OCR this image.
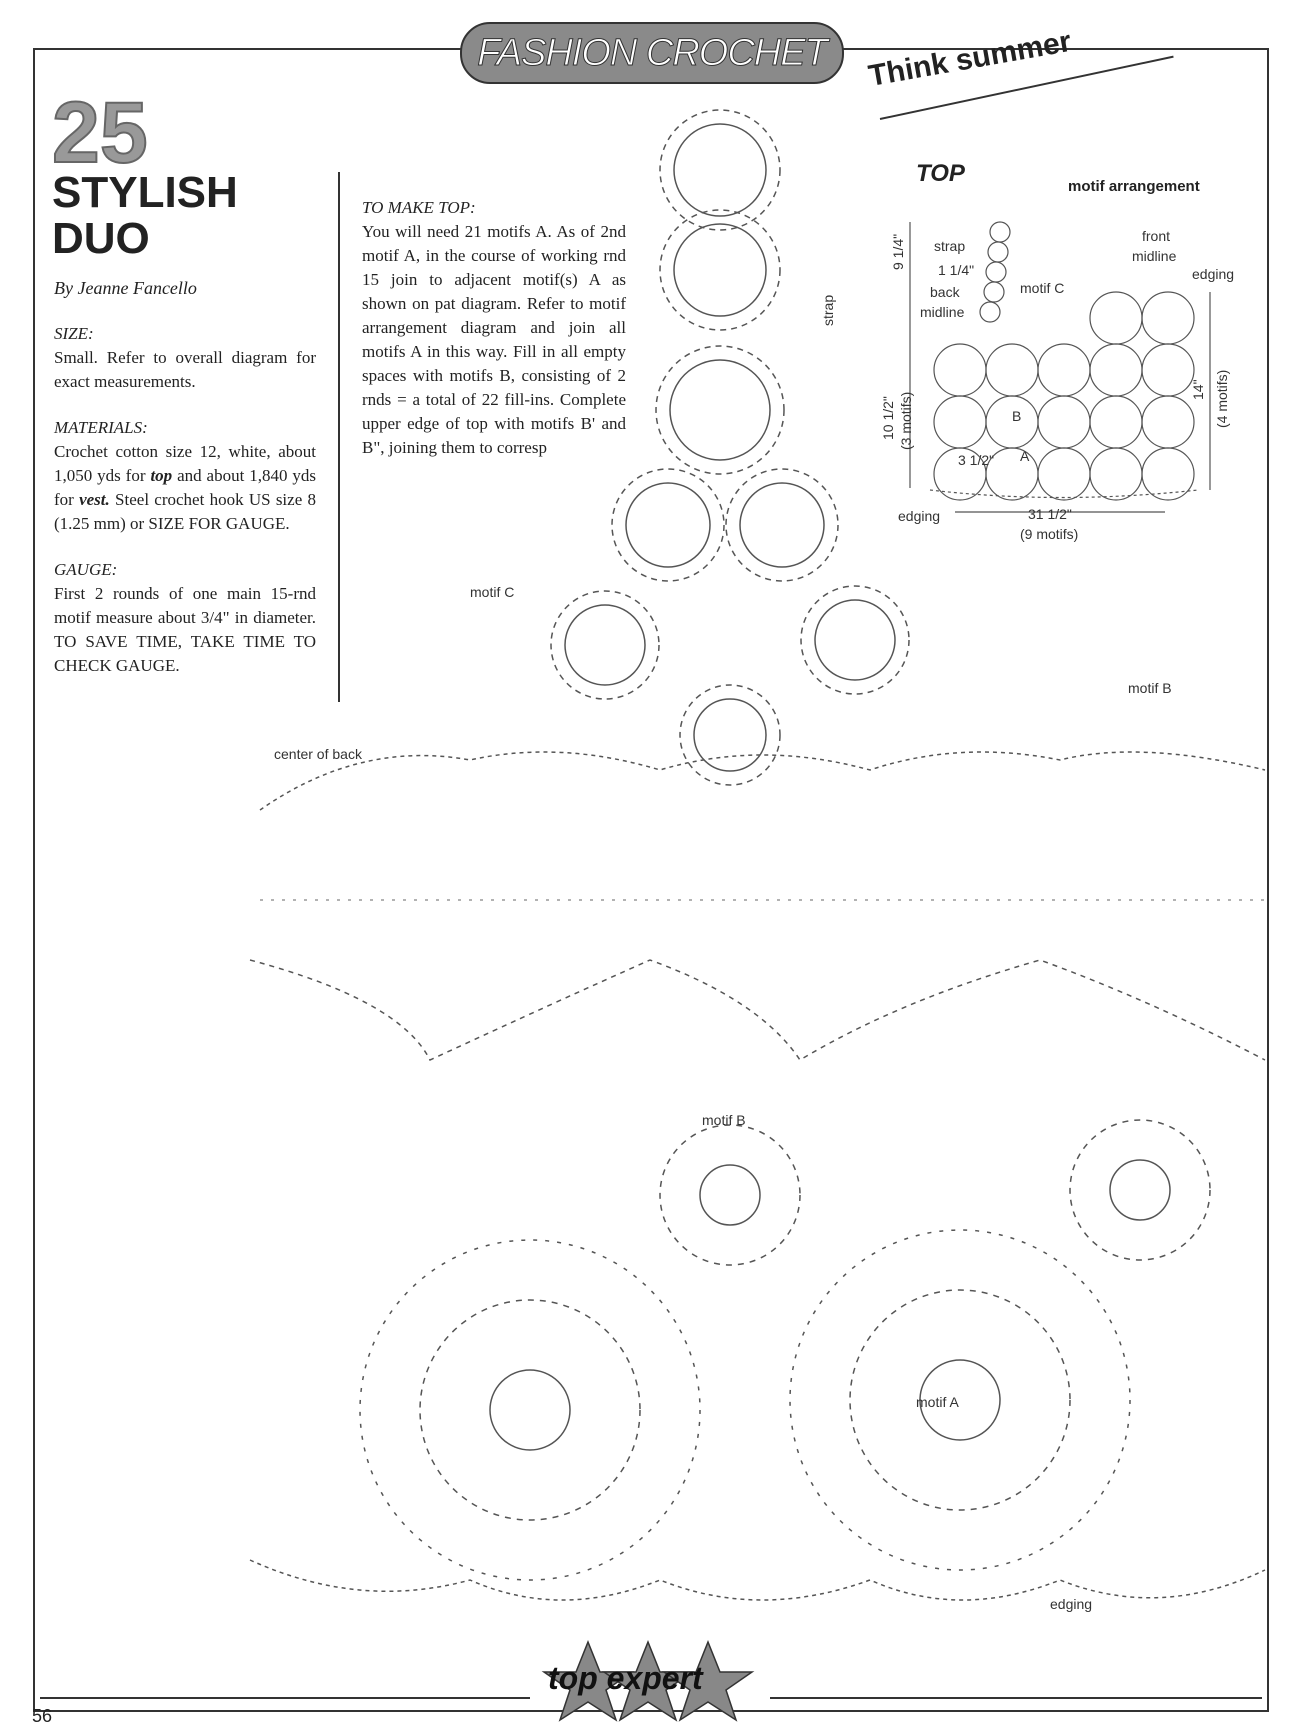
FASHION CROCHET Think summer
25
STYLISH
DUO
By Jeanne Fancello
SIZE:
Small. Refer to overall diagram for exact measurements.
MATERIALS:
Crochet cotton size 12, white, about 1,050 yds for top and about 1,840 yds for vest. Steel crochet hook US size 8 (1.25 mm) or SIZE FOR GAUGE.
GAUGE:
First 2 rounds of one main 15-rnd motif measure about 3/4" in diameter. TO SAVE TIME, TAKE TIME TO CHECK GAUGE.
TO MAKE TOP:
You will need 21 motifs A. As of 2nd motif A, in the course of working rnd 15 join to adjacent motif(s) A as shown on pat diagram. Refer to motif arrangement diagram and join all motifs A in this way. Fill in all empty spaces with motifs B, consisting of 2 rnds = a total of 22 fill-ins. Complete upper edge of top with motifs B' and B", joining them to corresp
TOP	motif arrangement
strap
1 1/4"
back
midline
motif C
front
midline
edging
edging
9 1/4"
10 1/2" (3 motifs)
14" (4 motifs)
3 1/2"
31 1/2"
(9 motifs)
A
B
strap
motif C
motif B
center of back
motif B
motif A
edging
top expert
56
